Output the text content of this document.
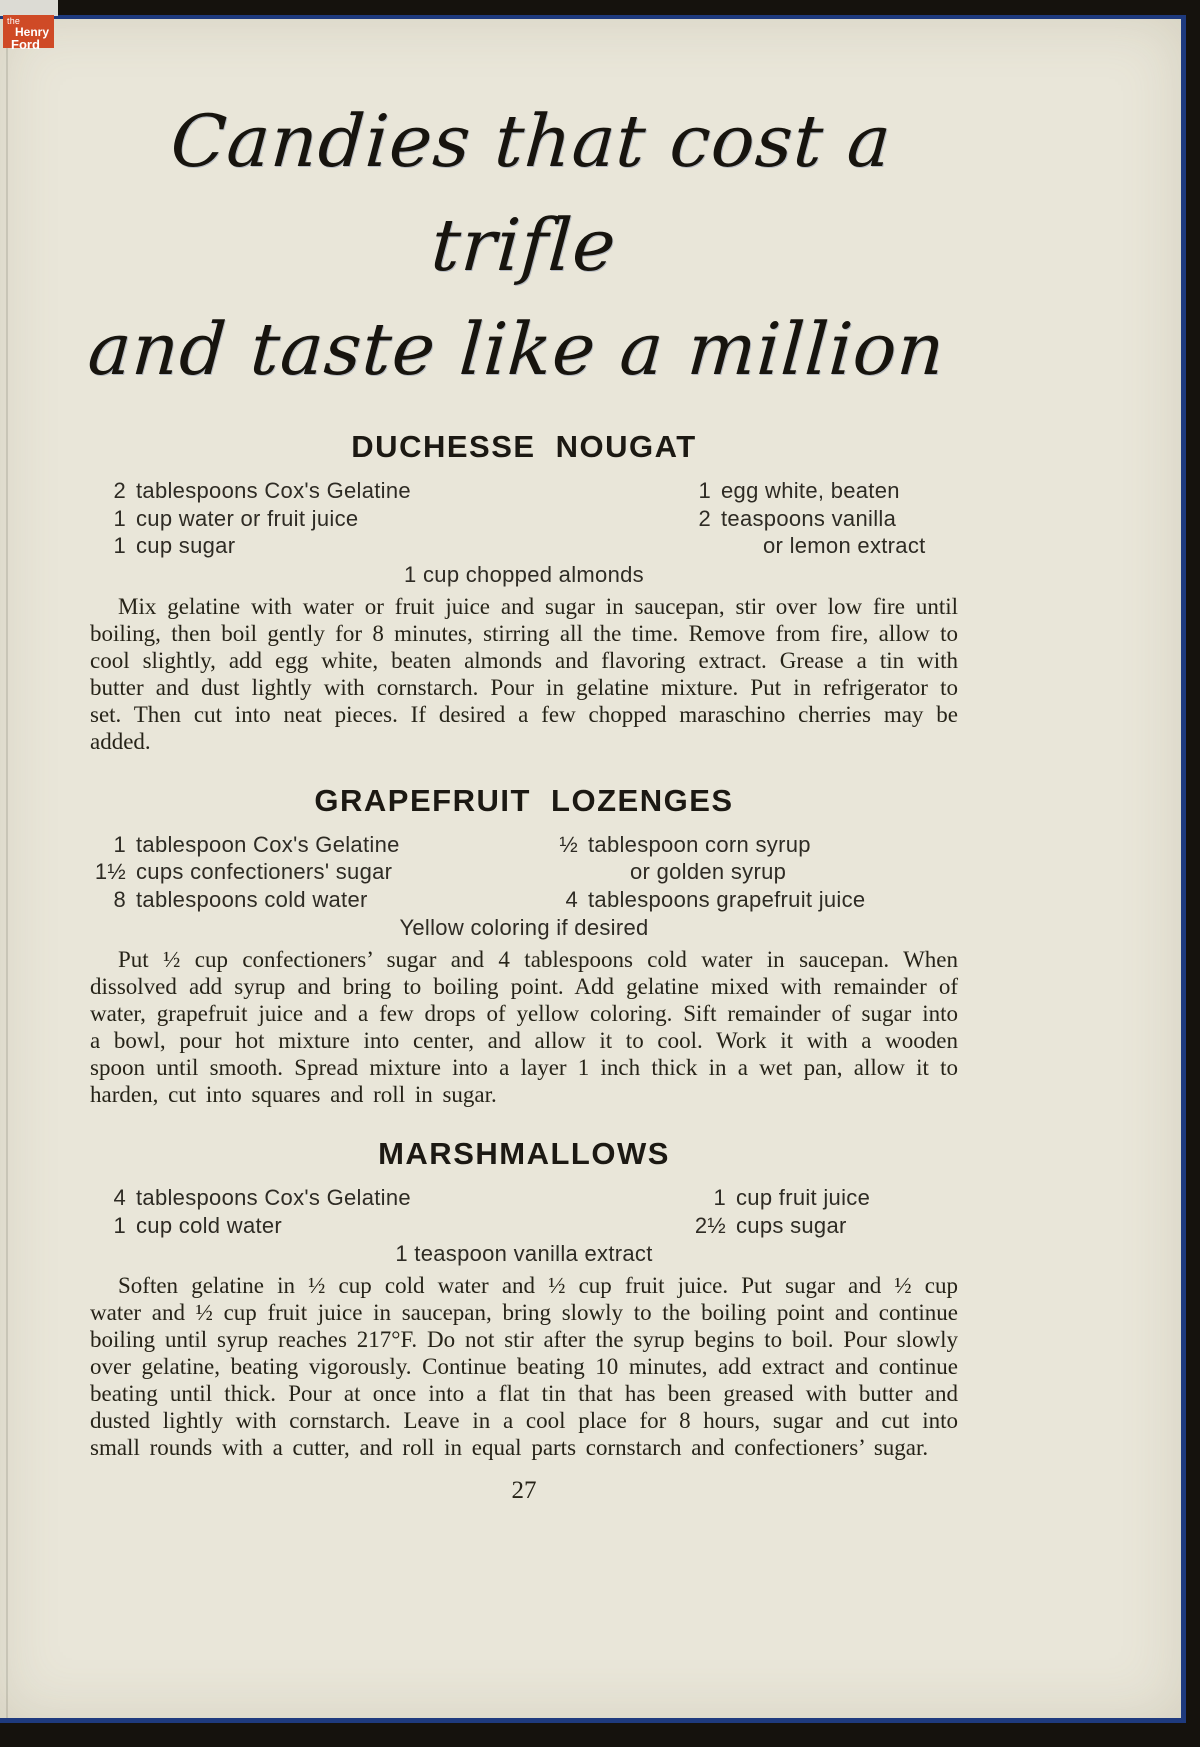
Candies that cost a trifle
and taste like a million
DUCHESSE NOUGAT
2 tablespoons Cox's Gelatine
1 cup water or fruit juice
1 cup sugar
1 egg white, beaten
2 teaspoons vanilla
or lemon extract
1 cup chopped almonds

Mix gelatine with water or fruit juice and sugar in saucepan, stir over low fire until boiling, then boil gently for 8 minutes, stirring all the time. Remove from fire, allow to cool slightly, add egg white, beaten almonds and flavoring extract. Grease a tin with butter and dust lightly with cornstarch. Pour in gelatine mixture. Put in refrigerator to set. Then cut into neat pieces. If desired a few chopped maraschino cherries may be added.

GRAPEFRUIT LOZENGES
1 tablespoon Cox's Gelatine
1½ cups confectioners' sugar
8 tablespoons cold water
½ tablespoon corn syrup
or golden syrup
4 tablespoons grapefruit juice
Yellow coloring if desired

Put ½ cup confectioners’ sugar and 4 tablespoons cold water in saucepan. When dissolved add syrup and bring to boiling point. Add gelatine mixed with remainder of water, grapefruit juice and a few drops of yellow coloring. Sift remainder of sugar into a bowl, pour hot mixture into center, and allow it to cool. Work it with a wooden spoon until smooth. Spread mixture into a layer 1 inch thick in a wet pan, allow it to harden, cut into squares and roll in sugar.

MARSHMALLOWS
4 tablespoons Cox's Gelatine
1 cup cold water
1 cup fruit juice
2½ cups sugar
1 teaspoon vanilla extract

Soften gelatine in ½ cup cold water and ½ cup fruit juice. Put sugar and ½ cup water and ½ cup fruit juice in saucepan, bring slowly to the boiling point and continue boiling until syrup reaches 217°F. Do not stir after the syrup begins to boil. Pour slowly over gelatine, beating vigorously. Continue beating 10 minutes, add extract and continue beating until thick. Pour at once into a flat tin that has been greased with butter and dusted lightly with cornstarch. Leave in a cool place for 8 hours, sugar and cut into small rounds with a cutter, and roll in equal parts cornstarch and confectioners’ sugar.

27
the
Henry
Ford
